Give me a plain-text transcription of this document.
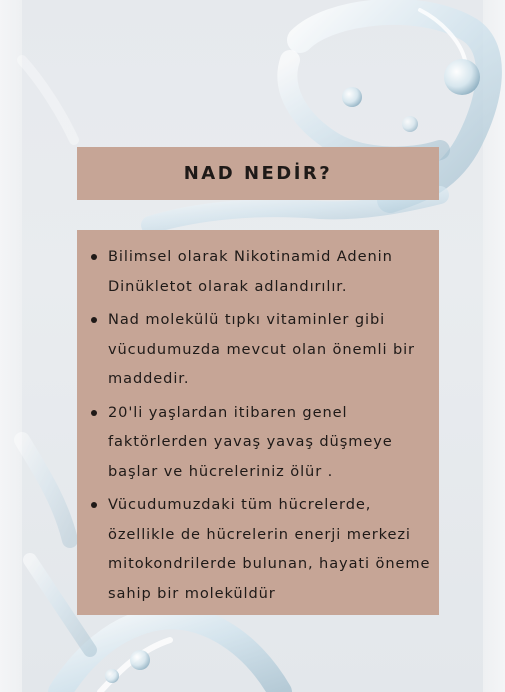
NAD NEDİR?
Bilimsel olarak Nikotinamid Adenin Dinükletot olarak adlandırılır.
Nad molekülü tıpkı vitaminler gibi vücudumuzda mevcut olan önemli bir maddedir.
20'li yaşlardan itibaren genel faktörlerden yavaş yavaş düşmeye başlar ve hücreleriniz ölür .
Vücudumuzdaki tüm hücrelerde, özellikle de hücrelerin enerji merkezi mitokondrilerde bulunan, hayati öneme sahip bir moleküldür
